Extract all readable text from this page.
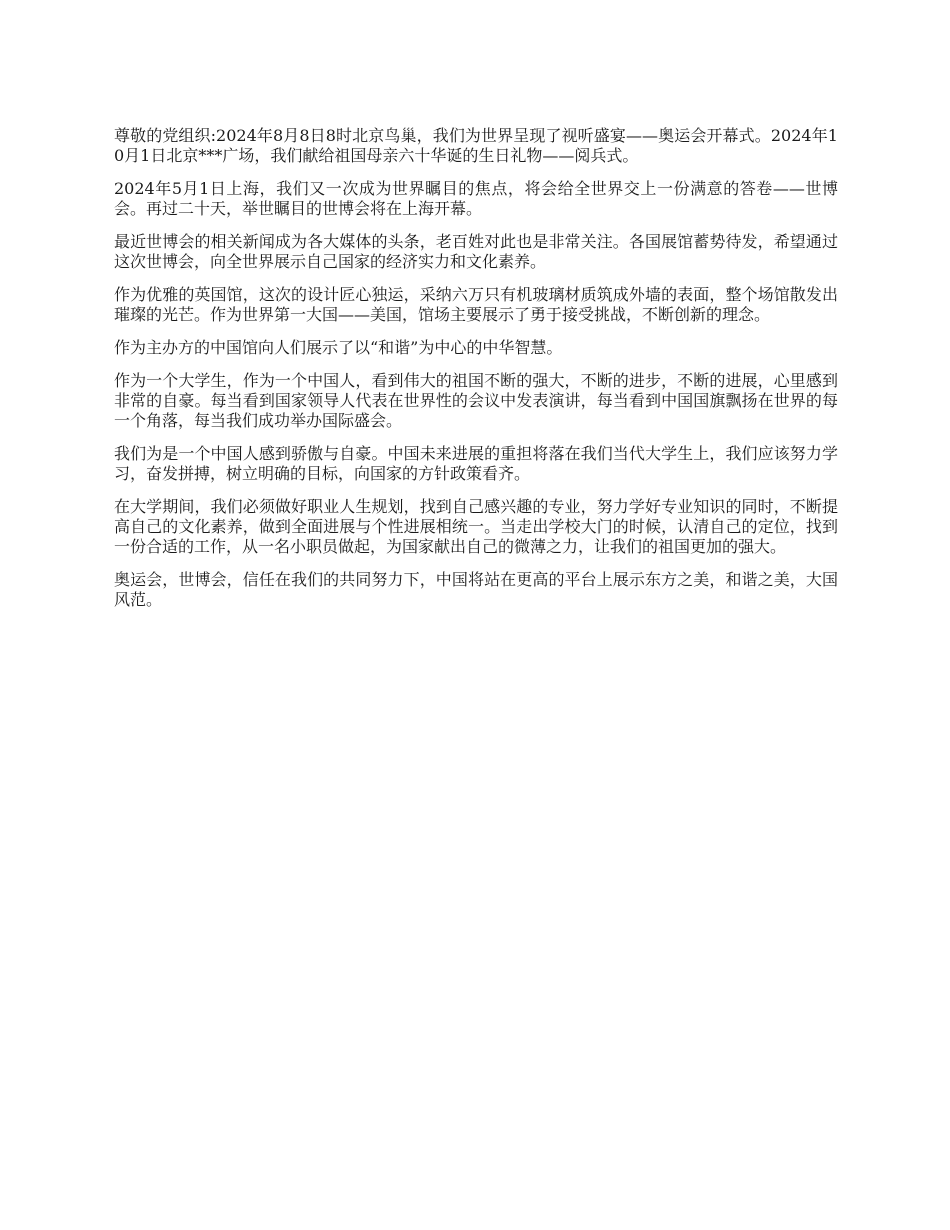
尊敬的党组织:2024年8月8日8时北京鸟巢，我们为世界呈现了视听盛宴——奥运会开幕式。2024年10月1日北京***广场，我们献给祖国母亲六十华诞的生日礼物——阅兵式。

2024年5月1日上海，我们又一次成为世界瞩目的焦点，将会给全世界交上一份满意的答卷——世博会。再过二十天，举世瞩目的世博会将在上海开幕。

最近世博会的相关新闻成为各大媒体的头条，老百姓对此也是非常关注。各国展馆蓄势待发，希望通过这次世博会，向全世界展示自己国家的经济实力和文化素养。

作为优雅的英国馆，这次的设计匠心独运，采纳六万只有机玻璃材质筑成外墙的表面，整个场馆散发出璀璨的光芒。作为世界第一大国——美国，馆场主要展示了勇于接受挑战，不断创新的理念。

作为主办方的中国馆向人们展示了以“和谐”为中心的中华智慧。

作为一个大学生，作为一个中国人，看到伟大的祖国不断的强大，不断的进步，不断的进展，心里感到非常的自豪。每当看到国家领导人代表在世界性的会议中发表演讲，每当看到中国国旗飘扬在世界的每一个角落，每当我们成功举办国际盛会。

我们为是一个中国人感到骄傲与自豪。中国未来进展的重担将落在我们当代大学生上，我们应该努力学习，奋发拼搏，树立明确的目标，向国家的方针政策看齐。

在大学期间，我们必须做好职业人生规划，找到自己感兴趣的专业，努力学好专业知识的同时，不断提高自己的文化素养，做到全面进展与个性进展相统一。当走出学校大门的时候，认清自己的定位，找到一份合适的工作，从一名小职员做起，为国家献出自己的微薄之力，让我们的祖国更加的强大。

奥运会，世博会，信任在我们的共同努力下，中国将站在更高的平台上展示东方之美，和谐之美，大国风范。
